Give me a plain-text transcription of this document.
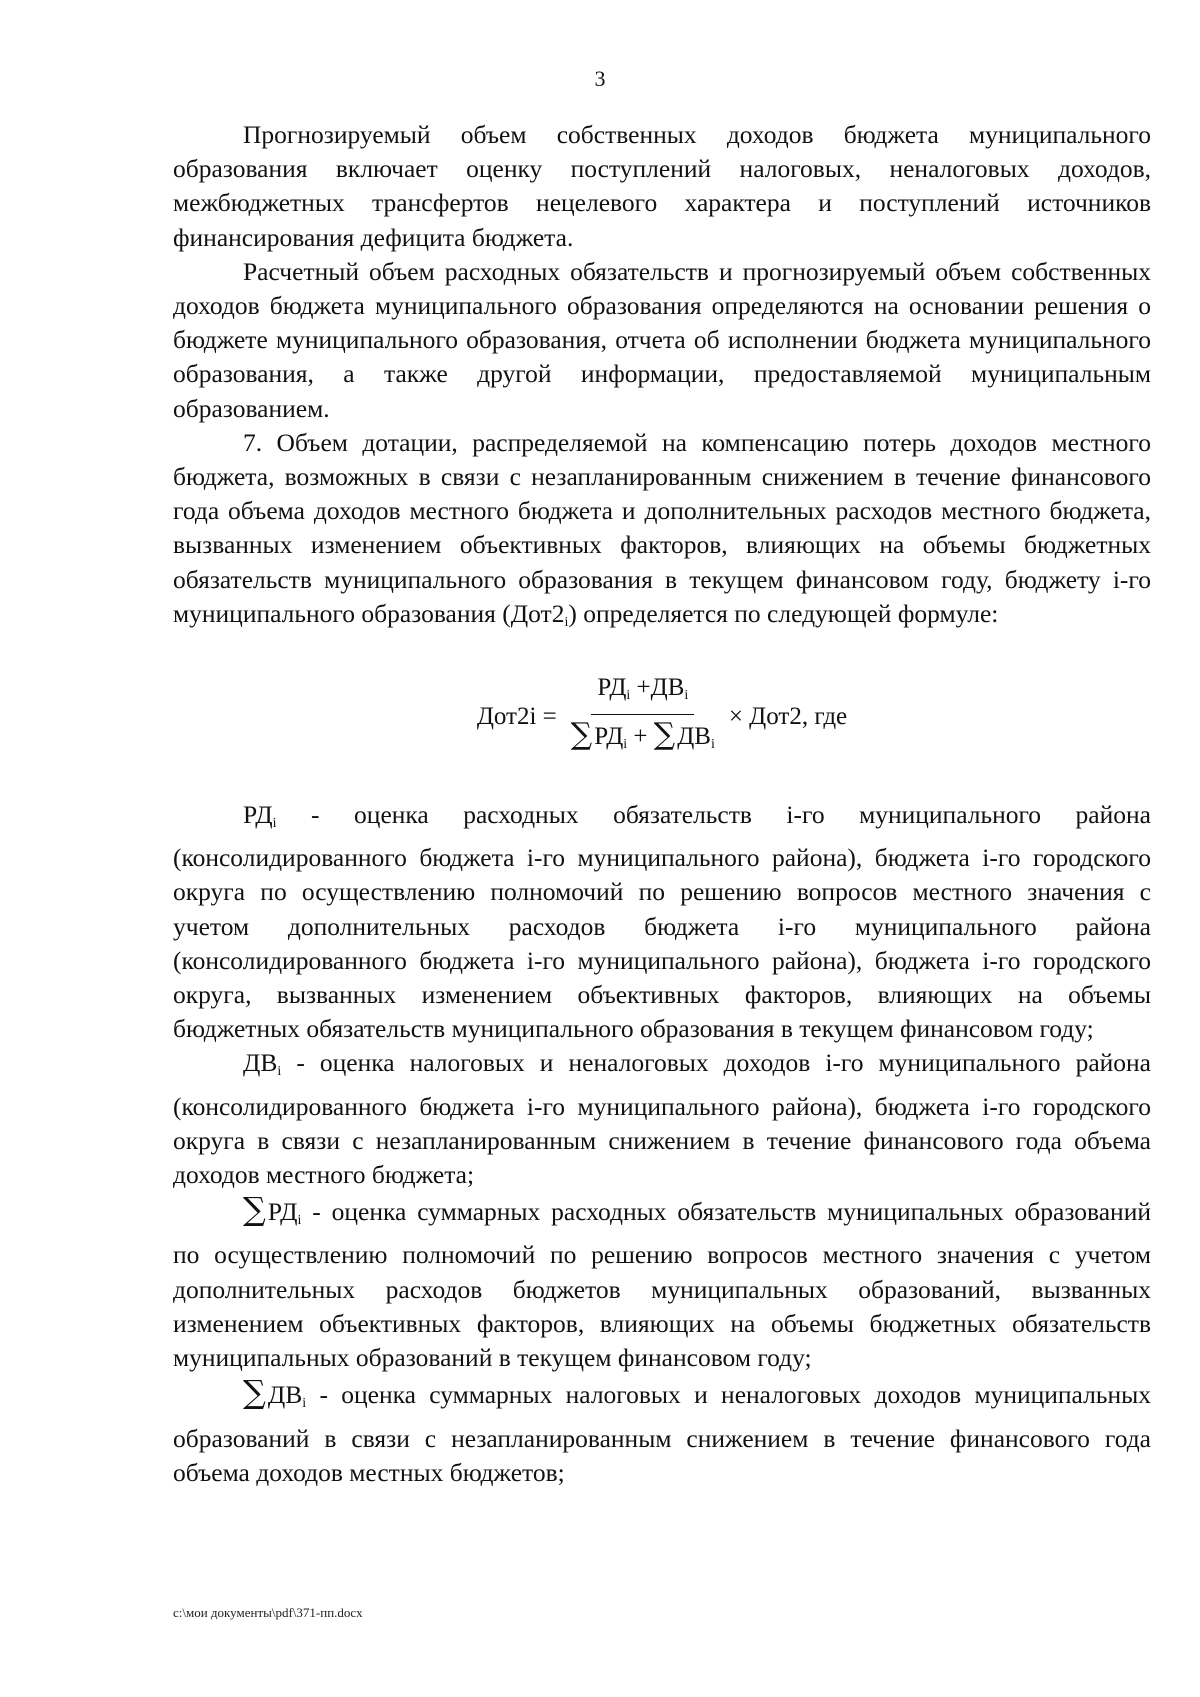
3

Прогнозируемый объем собственных доходов бюджета муниципального образования включает оценку поступлений налоговых, неналоговых доходов, межбюджетных трансфертов нецелевого характера и поступлений источников финансирования дефицита бюджета.

Расчетный объем расходных обязательств и прогнозируемый объем собственных доходов бюджета муниципального образования определяются на основании решения о бюджете муниципального образования, отчета об исполнении бюджета муниципального образования, а также другой информации, предоставляемой муниципальным образованием.

7. Объем дотации, распределяемой на компенсацию потерь доходов местного бюджета, возможных в связи с незапланированным снижением в течение финансового года объема доходов местного бюджета и дополнительных расходов местного бюджета, вызванных изменением объективных факторов, влияющих на объемы бюджетных обязательств муниципального образования в текущем финансовом году, бюджету i-го муниципального образования $(Дот2_i)$ определяется по следующей формуле:

$Дот2i = \frac{РД_i +ДВ_i}{\sum РД_i + \sum ДВ_i} \times Дот2$ , где

$РД_i$ - оценка расходных обязательств i-го муниципального района (консолидированного бюджета i-го муниципального района), бюджета i-го городского округа по осуществлению полномочий по решению вопросов местного значения с учетом дополнительных расходов бюджета i-го муниципального района (консолидированного бюджета i-го муниципального района), бюджета i-го городского округа, вызванных изменением объективных факторов, влияющих на объемы бюджетных обязательств муниципального образования в текущем финансовом году;

$ДВ_i$ - оценка налоговых и неналоговых доходов i-го муниципального района (консолидированного бюджета i-го муниципального района), бюджета i-го городского округа в связи с незапланированным снижением в течение финансового года объема доходов местного бюджета;

$\sum РД_i$ - оценка суммарных расходных обязательств муниципальных образований по осуществлению полномочий по решению вопросов местного значения с учетом дополнительных расходов бюджетов муниципальных образований, вызванных изменением объективных факторов, влияющих на объемы бюджетных обязательств муниципальных образований в текущем финансовом году;

$\sum ДВ_i$ - оценка суммарных налоговых и неналоговых доходов муниципальных образований в связи с незапланированным снижением в течение финансового года объема доходов местных бюджетов;

c:\мои документы\pdf\371-пп.docx
